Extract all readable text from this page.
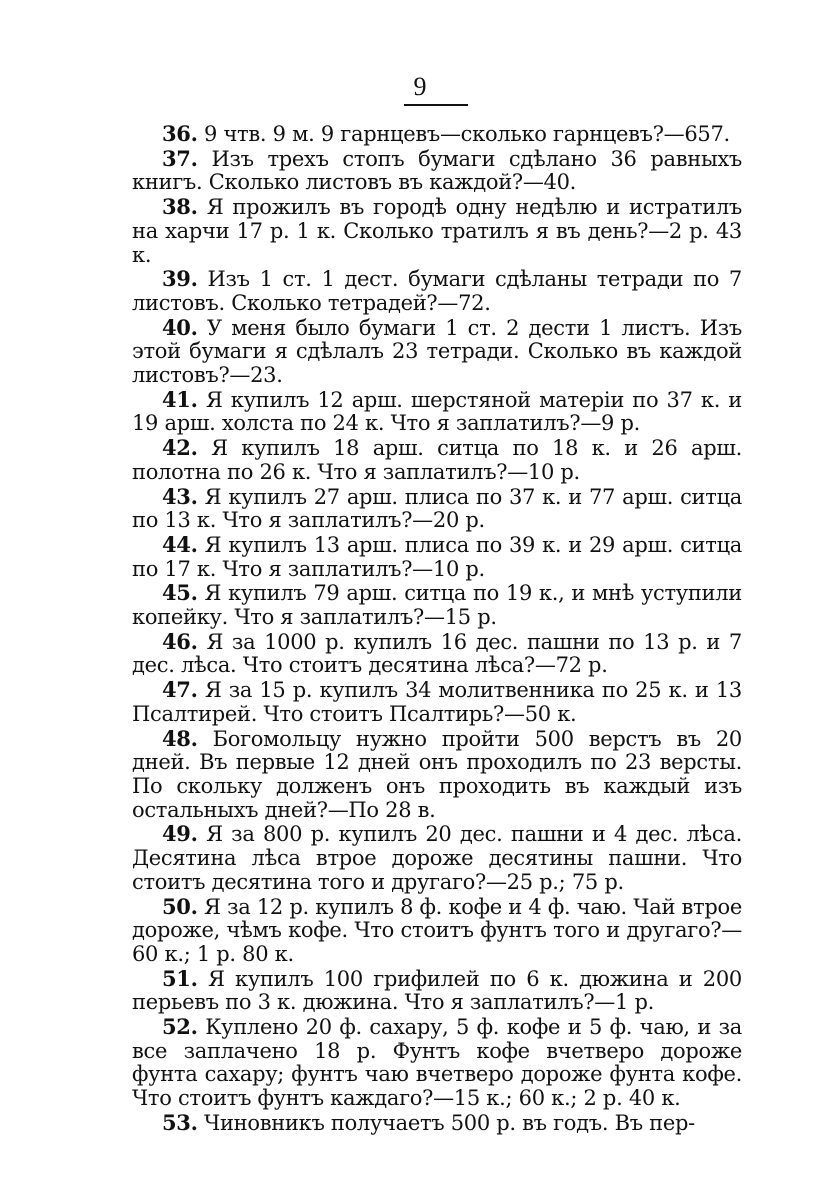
9

36. 9 чтв. 9 м. 9 гарнцевъ—сколько гарнцевъ?—657.

37. Изъ трехъ стопъ бумаги сдѣлано 36 равныхъ книгъ. Сколько листовъ въ каждой?—40.

38. Я прожилъ въ городѣ одну недѣлю и истратилъ на харчи 17 р. 1 к. Сколько тратилъ я въ день?—2 р. 43 к.

39. Изъ 1 ст. 1 дест. бумаги сдѣланы тетради по 7 листовъ. Сколько тетрадей?—72.

40. У меня было бумаги 1 ст. 2 дести 1 листъ. Изъ этой бумаги я сдѣлалъ 23 тетради. Сколько въ каждой листовъ?—23.

41. Я купилъ 12 арш. шерстяной матеріи по 37 к. и 19 арш. холста по 24 к. Что я заплатилъ?—9 р.

42. Я купилъ 18 арш. ситца по 18 к. и 26 арш. полотна по 26 к. Что я заплатилъ?—10 р.

43. Я купилъ 27 арш. плиса по 37 к. и 77 арш. ситца по 13 к. Что я заплатилъ?—20 р.

44. Я купилъ 13 арш. плиса по 39 к. и 29 арш. ситца по 17 к. Что я заплатилъ?—10 р.

45. Я купилъ 79 арш. ситца по 19 к., и мнѣ уступили копейку. Что я заплатилъ?—15 р.

46. Я за 1000 р. купилъ 16 дес. пашни по 13 р. и 7 дес. лѣса. Что стоитъ десятина лѣса?—72 р.

47. Я за 15 р. купилъ 34 молитвенника по 25 к. и 13 Псалтирей. Что стоитъ Псалтирь?—50 к.

48. Богомольцу нужно пройти 500 верстъ въ 20 дней. Въ первые 12 дней онъ проходилъ по 23 версты. По скольку долженъ онъ проходить въ каждый изъ остальныхъ дней?—По 28 в.

49. Я за 800 р. купилъ 20 дес. пашни и 4 дес. лѣса. Десятина лѣса втрое дороже десятины пашни. Что стоитъ десятина того и другаго?—25 р.; 75 р.

50. Я за 12 р. купилъ 8 ф. кофе и 4 ф. чаю. Чай втрое дороже, чѣмъ кофе. Что стоитъ фунтъ того и другаго?—60 к.; 1 р. 80 к.

51. Я купилъ 100 грифилей по 6 к. дюжина и 200 перьевъ по 3 к. дюжина. Что я заплатилъ?—1 р.

52. Куплено 20 ф. сахару, 5 ф. кофе и 5 ф. чаю, и за все заплачено 18 р. Фунтъ кофе вчетверо дороже фунта сахару; фунтъ чаю вчетверо дороже фунта кофе. Что стоитъ фунтъ каждаго?—15 к.; 60 к.; 2 р. 40 к.

53. Чиновникъ получаетъ 500 р. въ годъ. Въ пер-
